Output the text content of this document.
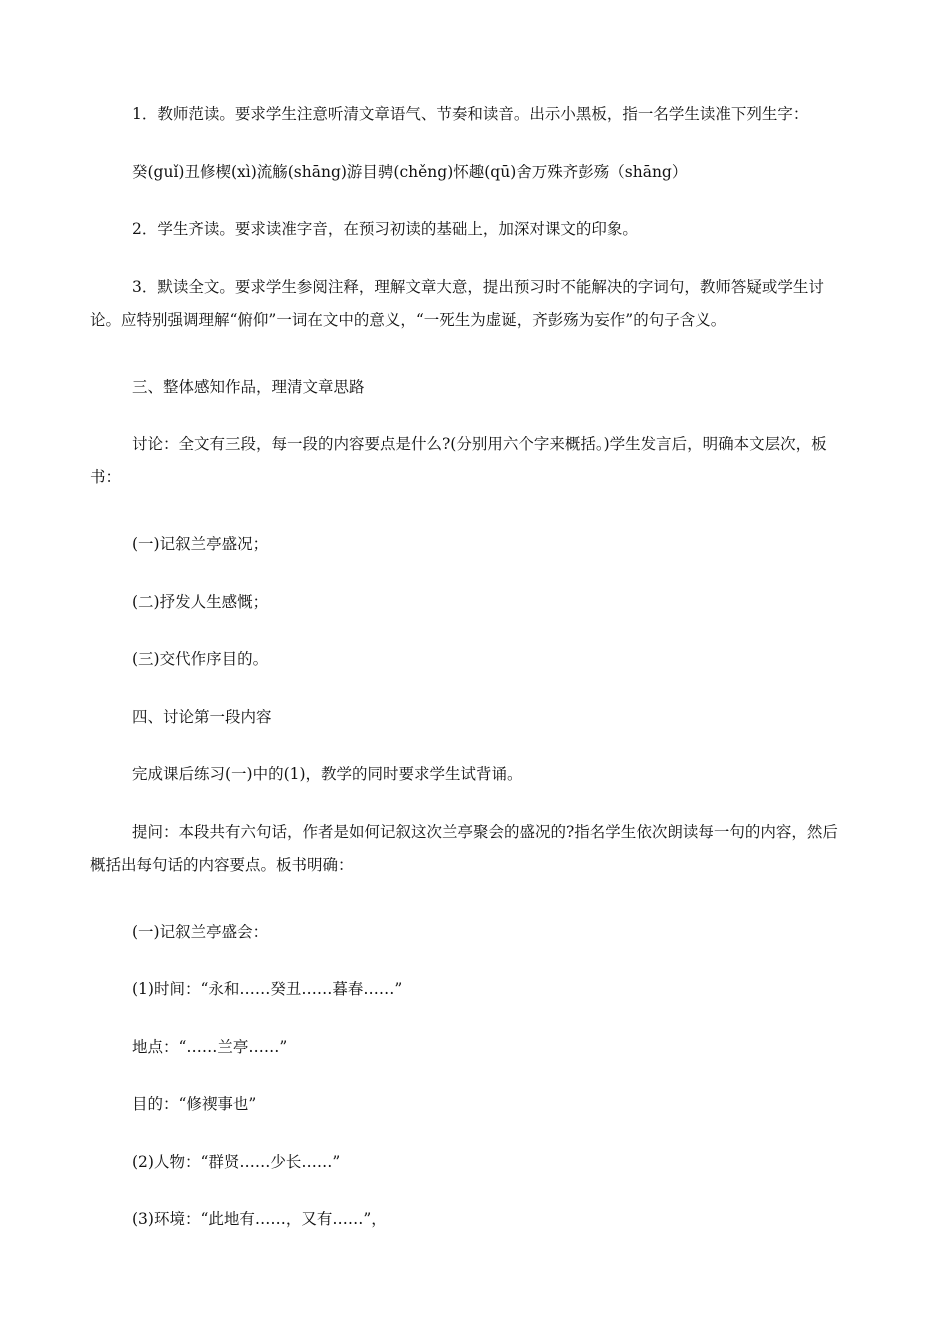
1．教师范读。要求学生注意听清文章语气、节奏和读音。出示小黑板，指一名学生读准下列生字：

癸(guǐ)丑修楔(xì)流觞(shāng)游目骋(chěng)怀趣(qū)舍万殊齐彭殇（shāng）

2．学生齐读。要求读准字音，在预习初读的基础上，加深对课文的印象。

3．默读全文。要求学生参阅注释，理解文章大意，提出预习时不能解决的字词句，教师答疑或学生讨论。应特别强调理解“俯仰”一词在文中的意义，“一死生为虚诞，齐彭殇为妄作”的句子含义。

三、整体感知作品，理清文章思路

讨论：全文有三段，每一段的内容要点是什么?(分别用六个字来概括。)学生发言后，明确本文层次，板书：

(一)记叙兰亭盛况；

(二)抒发人生感慨；

(三)交代作序目的。

四、讨论第一段内容

完成课后练习(一)中的(1)，教学的同时要求学生试背诵。

提问：本段共有六句话，作者是如何记叙这次兰亭聚会的盛况的?指名学生依次朗读每一句的内容，然后概括出每句话的内容要点。板书明确：

(一)记叙兰亭盛会：

(1)时间：“永和……癸丑……暮春……”

地点：“……兰亭……”

目的：“修禊事也”

(2)人物：“群贤……少长……”

(3)环境：“此地有……，又有……”，
